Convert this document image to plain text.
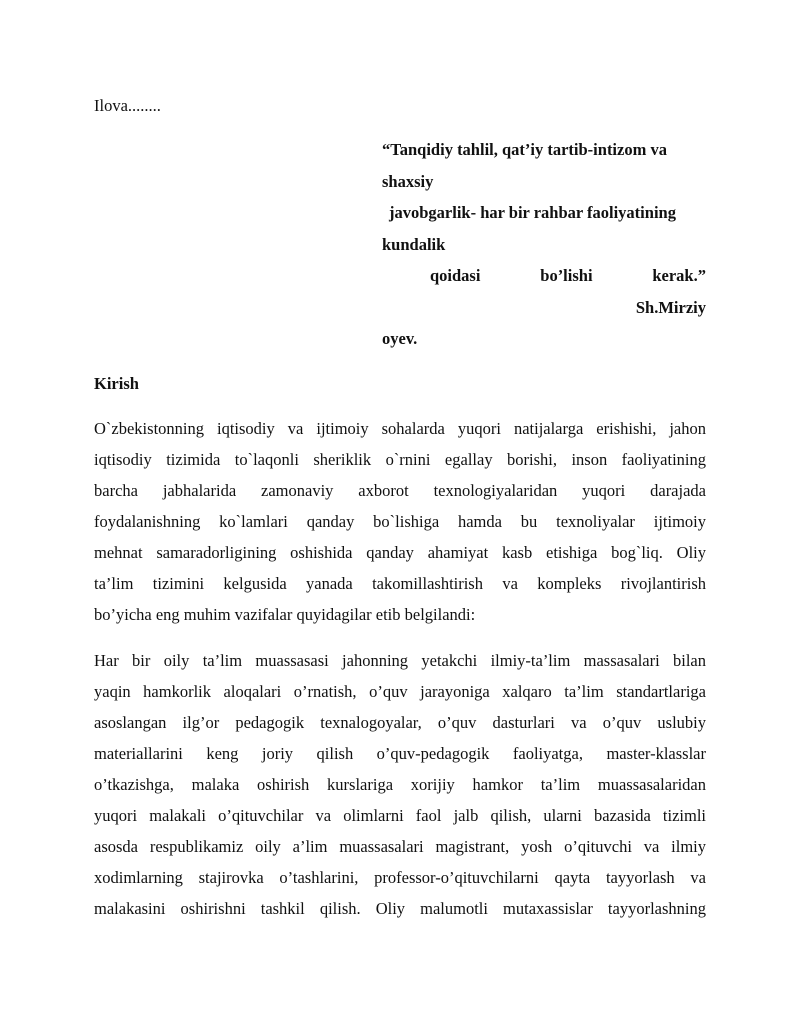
Ilova........
“Tanqidiy tahlil, qat’iy tartib-intizom va
shaxsiy
javobgarlik- har bir rahbar faoliyatining
kundalik
qoidasi	bo’lishi	kerak.”
Sh.Mirziy
oyev.
Kirish
O`zbekistonning iqtisodiy va ijtimoiy sohalarda yuqori natijalarga erishishi, jahon
iqtisodiy tizimida to`laqonli sheriklik o`rnini egallay borishi, inson faoliyatining
barcha jabhalarida zamonaviy axborot texnologiyalaridan yuqori darajada
foydalanishning ko`lamlari qanday bo`lishiga hamda bu texnoliyalar ijtimoiy
mehnat samaradorligining oshishida qanday ahamiyat kasb etishiga bog`liq. Oliy
ta’lim tizimini kelgusida yanada takomillashtirish va kompleks rivojlantirish
bo’yicha eng muhim vazifalar quyidagilar etib belgilandi:
Har bir oily ta’lim muassasasi jahonning yetakchi ilmiy-ta’lim massasalari bilan
yaqin hamkorlik aloqalari o’rnatish, o’quv jarayoniga xalqaro ta’lim standartlariga
asoslangan ilg’or pedagogik texnalogoyalar, o’quv dasturlari va o’quv uslubiy
materiallarini keng joriy qilish o’quv-pedagogik faoliyatga, master-klasslar
o’tkazishga, malaka oshirish kurslariga xorijiy hamkor ta’lim muassasalaridan
yuqori malakali o’qituvchilar va olimlarni faol jalb qilish, ularni bazasida tizimli
asosda respublikamiz oily a’lim muassasalari magistrant, yosh o’qituvchi va ilmiy
xodimlarning stajirovka o’tashlarini, professor-o’qituvchilarni qayta tayyorlash va
malakasini oshirishni tashkil qilish. Oliy malumotli mutaxassislar tayyorlashning
